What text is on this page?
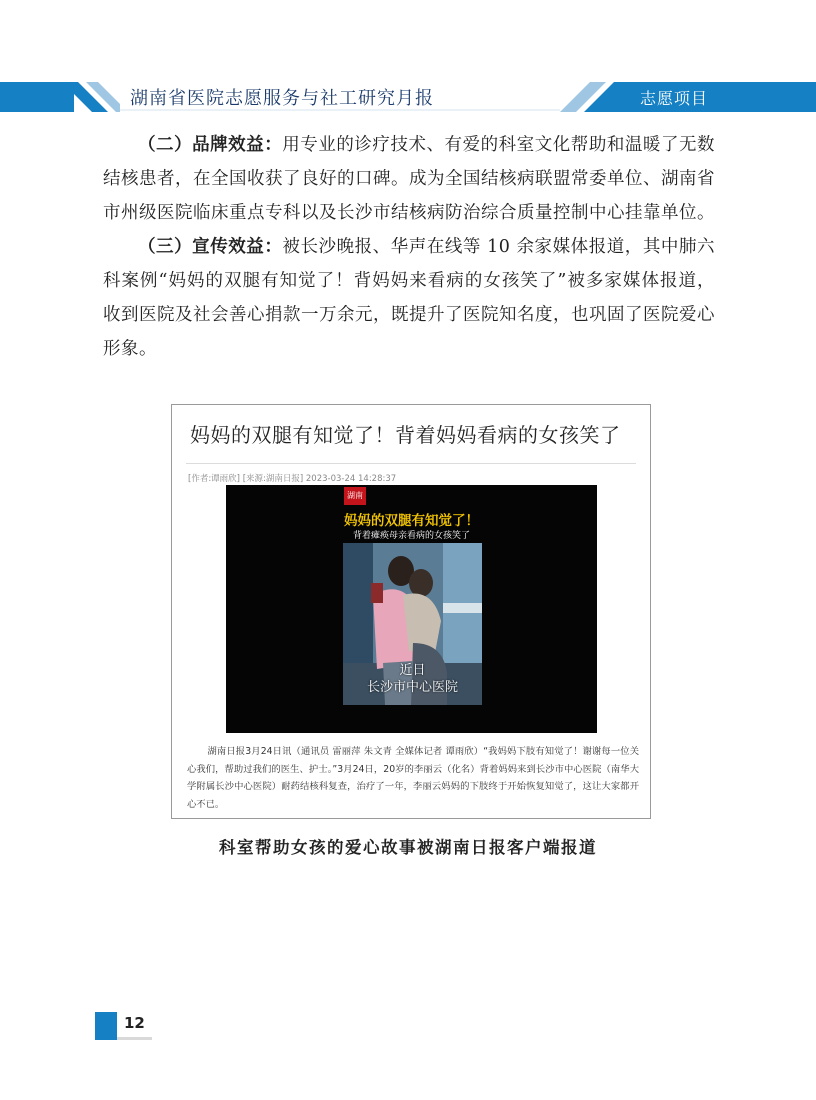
湖南省医院志愿服务与社工研究月报	志愿项目

（二）品牌效益：用专业的诊疗技术、有爱的科室文化帮助和温暖了无数结核患者，在全国收获了良好的口碑。成为全国结核病联盟常委单位、湖南省市州级医院临床重点专科以及长沙市结核病防治综合质量控制中心挂靠单位。

（三）宣传效益：被长沙晚报、华声在线等 10 余家媒体报道，其中肺六科案例“妈妈的双腿有知觉了！背妈妈来看病的女孩笑了”被多家媒体报道，收到医院及社会善心捐款一万余元，既提升了医院知名度，也巩固了医院爱心形象。

妈妈的双腿有知觉了！背着妈妈看病的女孩笑了
[作者:谭雨欣] [来源:湖南日报] 2023-03-24 14:28:37
湖南
妈妈的双腿有知觉了！
背着瘫痪母亲看病的女孩笑了
近日
长沙市中心医院
湖南日报3月24日讯（通讯员 雷丽萍 朱文青 全媒体记者 谭雨欣）“我妈妈下肢有知觉了！谢谢每一位关心我们，帮助过我们的医生、护士。”3月24日，20岁的李丽云（化名）背着妈妈来到长沙市中心医院（南华大学附属长沙中心医院）耐药结核科复查，治疗了一年，李丽云妈妈的下肢终于开始恢复知觉了，这让大家都开心不已。
科室帮助女孩的爱心故事被湖南日报客户端报道
12
